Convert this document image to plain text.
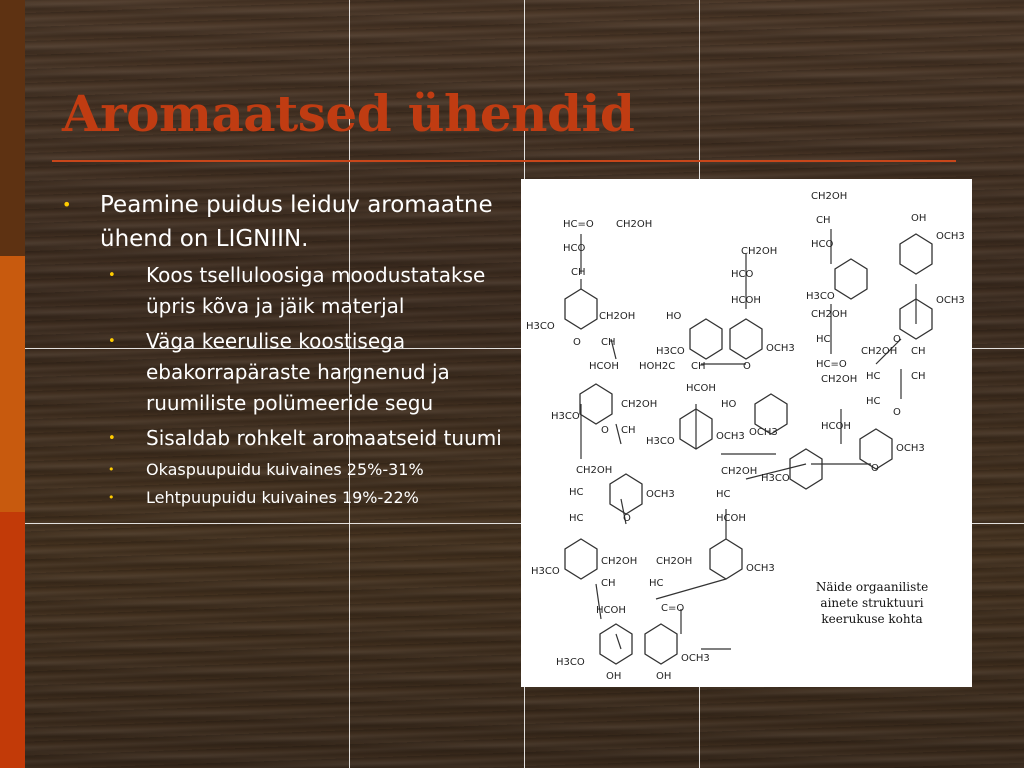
Aromaatsed ühendid
•	Peamine puidus leiduv aromaatne ühend on LIGNIIN.
•	Koos tselluloosiga moodustatakse üpris kõva ja jäik materjal
•	Väga keerulise koostisega ebakorrapäraste hargnenud ja ruumiliste polümeeride segu
•	Sisaldab rohkelt aromaatseid tuumi
•	Okaspuupuidu kuivaines 25%-31%
•	Lehtpuupuidu kuivaines 19%-22%
HC=O CH2OH
HCO
CH
H3CO
O
CH2OH
CH
HCOH
H3CO
O
CH2OH
CH
CH2OH
HC
HC	O
OCH3
H3CO
CH2OH
CH
HCOH
H3CO
OH	OH
OCH3
CH2OH
HC
C=O
CH2OH
HCO
HCOH
HO
H3CO	OCH3
HOH2C CH	O
HCOH
H3CO	OCH3
HO
OCH3
CH2OH
CH
HCO
H3CO
CH2OH
HC
HC=O
CH2OH
HCOH
H3CO
OH
OCH3
OCH3
CH2OH
O
CH
HC	CH
HC
O
OCH3
O
CH2OH
HC
HCOH
OCH3
Näide orgaaniliste ainete struktuuri keerukuse kohta
